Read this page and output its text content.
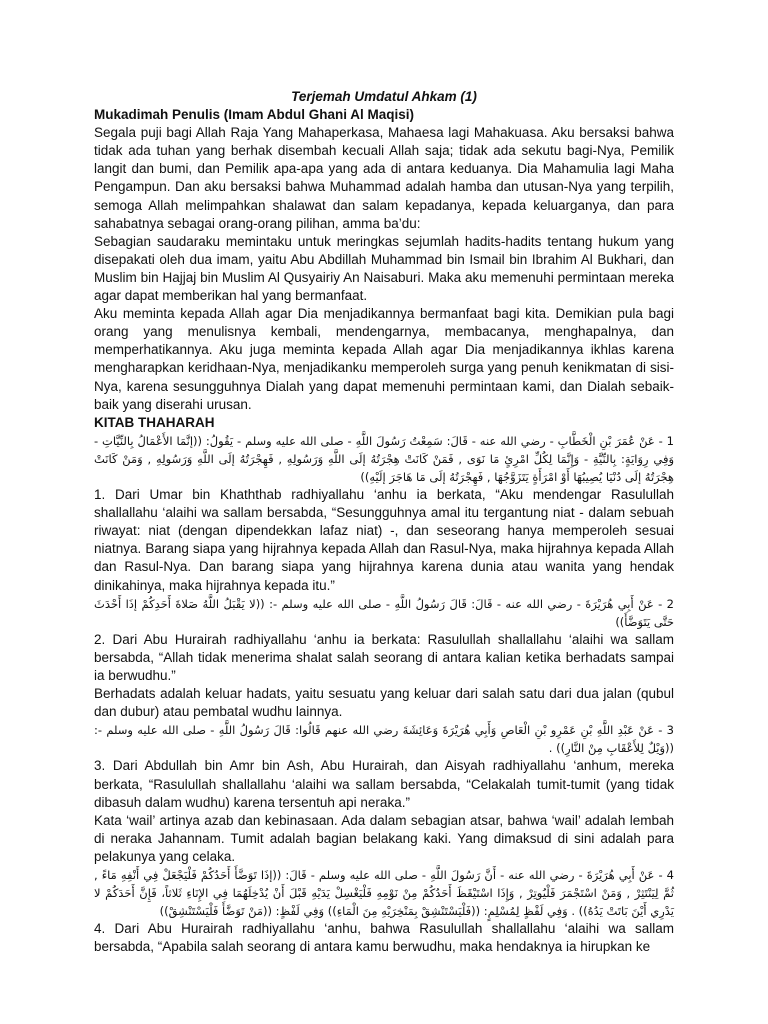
Terjemah Umdatul Ahkam (1)
Mukadimah Penulis (Imam Abdul Ghani Al Maqisi)
Segala puji bagi Allah Raja Yang Mahaperkasa, Mahaesa lagi Mahakuasa. Aku bersaksi bahwa tidak ada tuhan yang berhak disembah kecuali Allah saja; tidak ada sekutu bagi-Nya, Pemilik langit dan bumi, dan Pemilik apa-apa yang ada di antara keduanya. Dia Mahamulia lagi Maha Pengampun. Dan aku bersaksi bahwa Muhammad adalah hamba dan utusan-Nya yang terpilih, semoga Allah melimpahkan shalawat dan salam kepadanya, kepada keluarganya, dan para sahabatnya sebagai orang-orang pilihan, amma ba’du:
Sebagian saudaraku memintaku untuk meringkas sejumlah hadits-hadits tentang hukum yang disepakati oleh dua imam, yaitu Abu Abdillah Muhammad bin Ismail bin Ibrahim Al Bukhari, dan Muslim bin Hajjaj bin Muslim Al Qusyairiy An Naisaburi. Maka aku memenuhi permintaan mereka agar dapat memberikan hal yang bermanfaat.
Aku meminta kepada Allah agar Dia menjadikannya bermanfaat bagi kita. Demikian pula bagi orang yang menulisnya kembali, mendengarnya, membacanya, menghapalnya, dan memperhatikannya. Aku juga meminta kepada Allah agar Dia menjadikannya ikhlas karena mengharapkan keridhaan-Nya, menjadikanku memperoleh surga yang penuh kenikmatan di sisi-Nya, karena sesungguhnya Dialah yang dapat memenuhi permintaan kami, dan Dialah sebaik-baik yang diserahi urusan.
KITAB THAHARAH
1 - عَنْ عُمَرَ بْنِ الْخَطَّابِ - رضي الله عنه - قَالَ: سَمِعْتُ رَسُولَ اللَّهِ - صلى الله عليه وسلم - يَقُولُ: ((إنَّمَا الأَعْمَالُ بِالنِّيَّاتِ - وَفِي رِوَايَةٍ: بِالنِّيَّةِ - وَإِنَّمَا لِكُلِّ امْرِئٍ مَا نَوَى , فَمَنْ كَانَتْ هِجْرَتُهُ إلَى اللَّهِ وَرَسُولِهِ , فَهِجْرَتُهُ إلَى اللَّهِ وَرَسُولِهِ , وَمَنْ كَانَتْ هِجْرَتُهُ إلَى دُنْيَا يُصِيبُهَا أَوْ امْرَأَةٍ يَتَزَوَّجُهَا , فَهِجْرَتُهُ إلَى مَا هَاجَرَ إلَيْهِ))
1. Dari Umar bin Khaththab radhiyallahu ‘anhu ia berkata, “Aku mendengar Rasulullah shallallahu ‘alaihi wa sallam bersabda, “Sesungguhnya amal itu tergantung niat - dalam sebuah riwayat: niat (dengan dipendekkan lafaz niat) -, dan seseorang hanya memperoleh sesuai niatnya. Barang siapa yang hijrahnya kepada Allah dan Rasul-Nya, maka hijrahnya kepada Allah dan Rasul-Nya. Dan barang siapa yang hijrahnya karena dunia atau wanita yang hendak dinikahinya, maka hijrahnya kepada itu.”
2 - عَنْ أَبِي هُرَيْرَةَ - رضي الله عنه - قَالَ: قَالَ رَسُولُ اللَّهِ - صلى الله عليه وسلم -: ((لا يَقْبَلُ اللَّهُ صَلاةَ أَحَدِكُمْ إذَا أَحْدَثَ حَتَّى يَتَوَضَّأَ))
2. Dari Abu Hurairah radhiyallahu ‘anhu ia berkata: Rasulullah shallallahu ‘alaihi wa sallam bersabda, “Allah tidak menerima shalat salah seorang di antara kalian ketika berhadats sampai ia berwudhu.”
Berhadats adalah keluar hadats, yaitu sesuatu yang keluar dari salah satu dari dua jalan (qubul dan dubur) atau pembatal wudhu lainnya.
3 - عَنْ عَبْدِ اللَّهِ بْنِ عَمْرِو بْنِ الْعَاصِ وَأَبِي هُرَيْرَةَ وَعَائِشَةَ رضي الله عنهم قَالُوا: قَالَ رَسُولُ اللَّهِ - صلى الله عليه وسلم -: ((وَيْلٌ لِلأَعْقَابِ مِنْ النَّارِ)) .
3. Dari Abdullah bin Amr bin Ash, Abu Hurairah, dan Aisyah radhiyallahu ‘anhum, mereka berkata, “Rasulullah shallallahu ‘alaihi wa sallam bersabda, “Celakalah tumit-tumit (yang tidak dibasuh dalam wudhu) karena tersentuh api neraka.”
Kata ‘wail’ artinya azab dan kebinasaan. Ada dalam sebagian atsar, bahwa ‘wail’ adalah lembah di neraka Jahannam. Tumit adalah bagian belakang kaki. Yang dimaksud di sini adalah para pelakunya yang celaka.
4 - عَنْ أَبِي هُرَيْرَةَ - رضي الله عنه - أَنَّ رَسُولَ اللَّهِ - صلى الله عليه وسلم - قَالَ: ((إذَا تَوَضَّأَ أَحَدُكُمْ فَلْيَجْعَلْ فِي أَنْفِهِ مَاءً , ثُمَّ لِيَنْتَثِرْ , وَمَنْ اسْتَجْمَرَ فَلْيُوتِرْ , وَإِذَا اسْتَيْقَظَ أَحَدُكُمْ مِنْ نَوْمِهِ فَلْيَغْسِلْ يَدَيْهِ قَبْلَ أَنْ يُدْخِلَهُمَا فِي الإِنَاءِ ثَلاثاً، فَإِنَّ أَحَدَكُمْ لا يَدْرِي أَيْنَ بَاتَتْ يَدُهُ)) . وَفِي لَفْظٍ لِمُسْلِمٍ: ((فَلْيَسْتَنْشِقْ بِمَنْخِرَيْهِ مِنَ الْمَاءِ)) وَفِي لَفْظٍ: ((مَنْ تَوَضَّأَ فَلْيَسْتَنْشِقْ))
4. Dari Abu Hurairah radhiyallahu ‘anhu, bahwa Rasulullah shallallahu ‘alaihi wa sallam bersabda, “Apabila salah seorang di antara kamu berwudhu, maka hendaknya ia hirupkan ke
